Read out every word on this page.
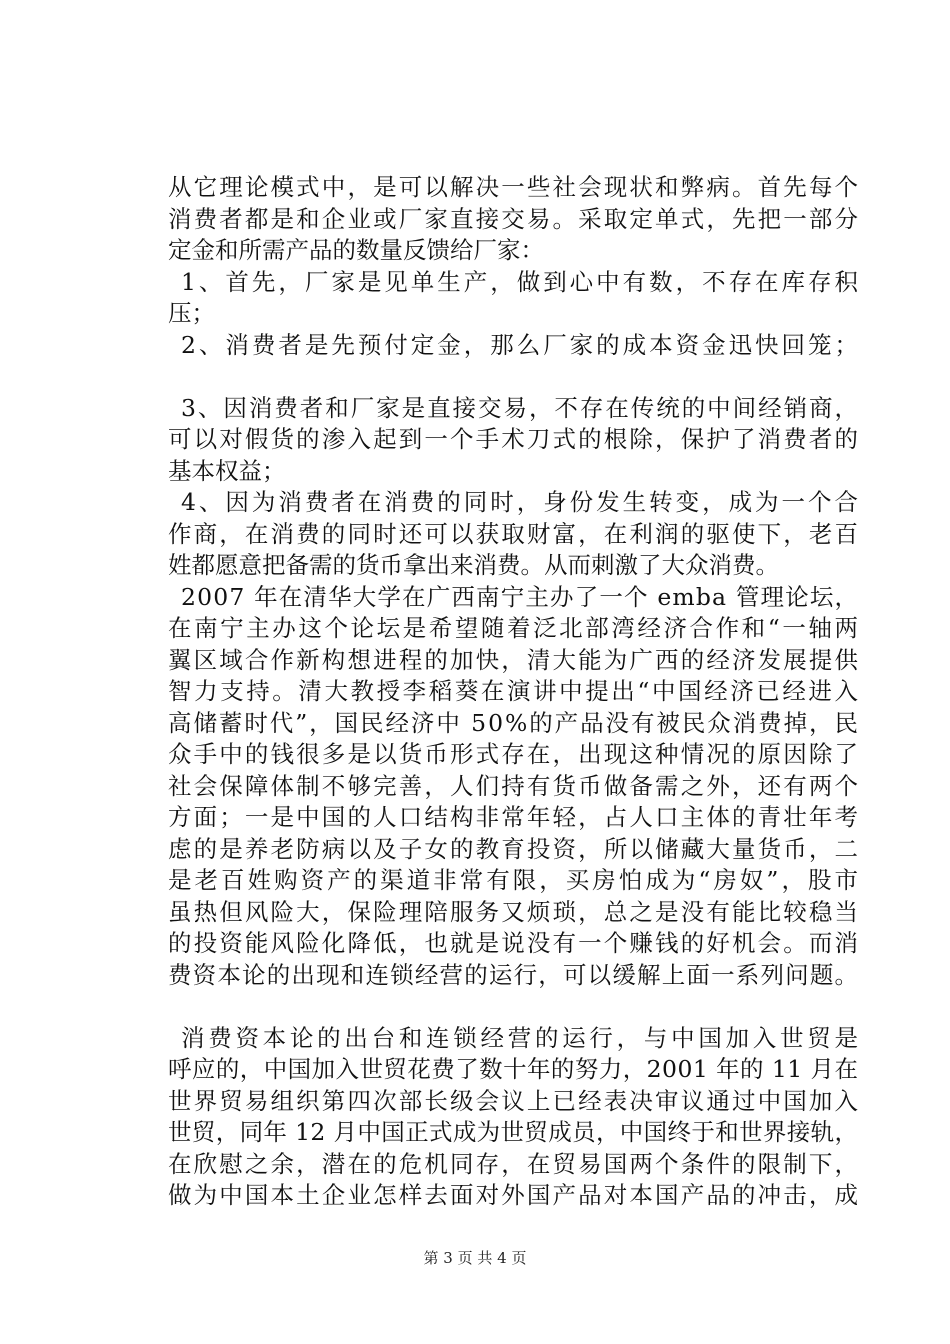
从它理论模式中，是可以解决一些社会现状和弊病。首先每个
消费者都是和企业或厂家直接交易。采取定单式，先把一部分
定金和所需产品的数量反馈给厂家：
1、首先，厂家是见单生产，做到心中有数，不存在库存积
压；
2、消费者是先预付定金，那么厂家的成本资金迅快回笼；
3、因消费者和厂家是直接交易，不存在传统的中间经销商，
可以对假货的渗入起到一个手术刀式的根除，保护了消费者的
基本权益；
4、因为消费者在消费的同时，身份发生转变，成为一个合
作商，在消费的同时还可以获取财富，在利润的驱使下，老百
姓都愿意把备需的货币拿出来消费。从而刺激了大众消费。
2007 年在清华大学在广西南宁主办了一个 emba 管理论坛，
在南宁主办这个论坛是希望随着泛北部湾经济合作和“一轴两
翼区域合作新构想进程的加快，清大能为广西的经济发展提供
智力支持。清大教授李稻葵在演讲中提出“中国经济已经进入
高储蓄时代”，国民经济中 50%的产品没有被民众消费掉，民
众手中的钱很多是以货币形式存在，出现这种情况的原因除了
社会保障体制不够完善，人们持有货币做备需之外，还有两个
方面；一是中国的人口结构非常年轻，占人口主体的青壮年考
虑的是养老防病以及子女的教育投资，所以储藏大量货币，二
是老百姓购资产的渠道非常有限，买房怕成为“房奴”，股市
虽热但风险大，保险理陪服务又烦琐，总之是没有能比较稳当
的投资能风险化降低，也就是说没有一个赚钱的好机会。而消
费资本论的出现和连锁经营的运行，可以缓解上面一系列问题。
消费资本论的出台和连锁经营的运行，与中国加入世贸是
呼应的，中国加入世贸花费了数十年的努力，2001 年的 11 月在
世界贸易组织第四次部长级会议上已经表决审议通过中国加入
世贸，同年 12 月中国正式成为世贸成员，中国终于和世界接轨，
在欣慰之余，潜在的危机同存，在贸易国两个条件的限制下，
做为中国本土企业怎样去面对外国产品对本国产品的冲击，成
第 3 页 共 4 页
